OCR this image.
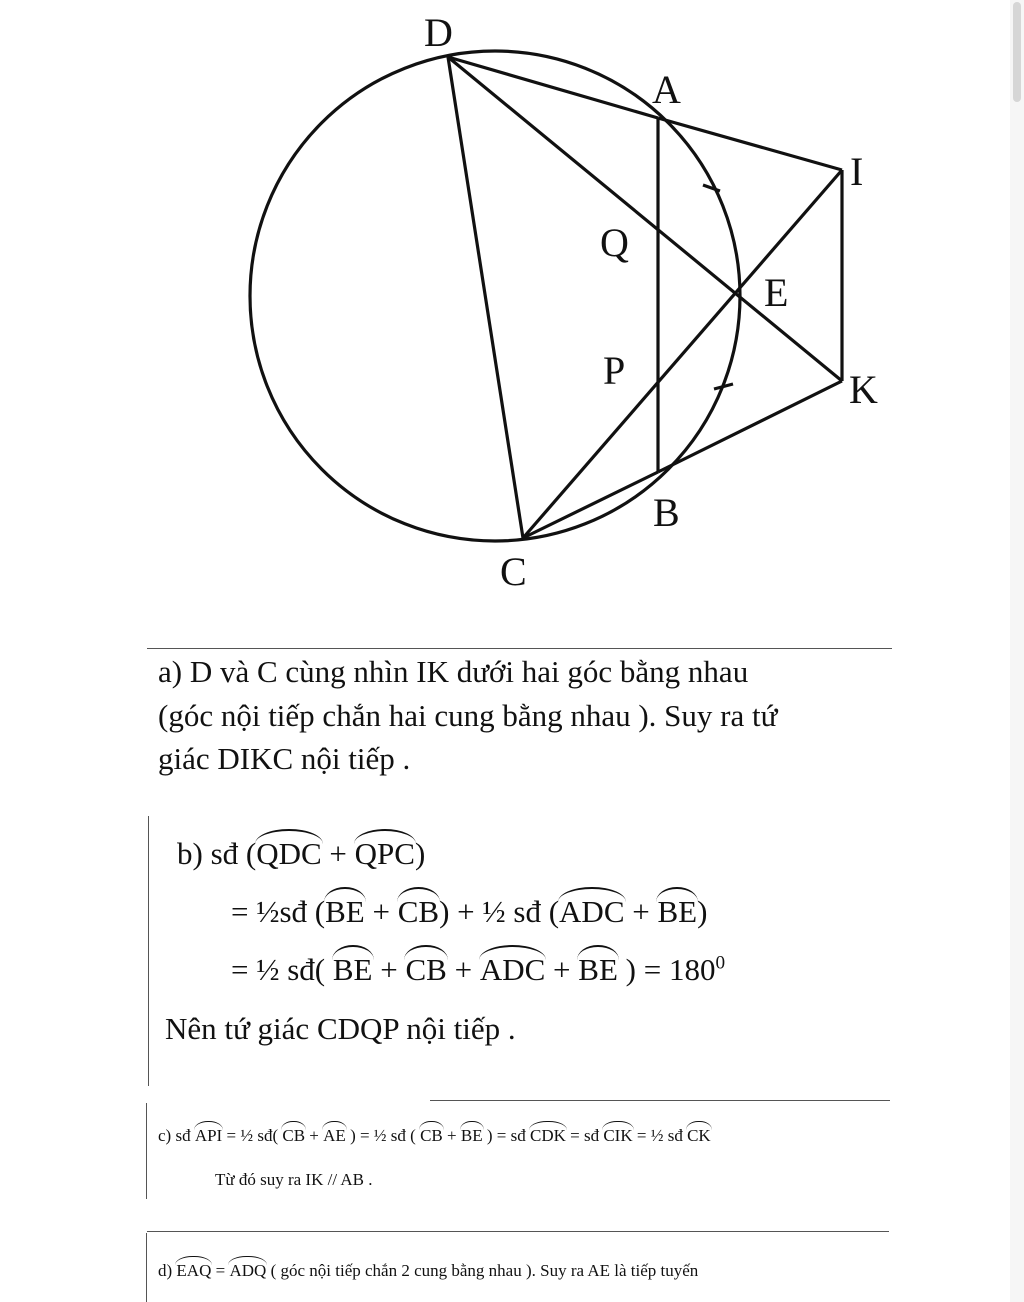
D
A
I
Q
E
P	K
B
C
a) D và C cùng nhìn IK dưới hai góc bằng nhau
(góc nội tiếp chắn hai cung bằng nhau ). Suy ra tứ
giác DIKC nội tiếp .
b) sđ (QDC + QPC)
= ½sđ (BE + CB) + ½ sđ (ADC + BE)
= ½ sđ( BE + CB + ADC + BE ) = $180^0$
Nên tứ giác CDQP nội tiếp .
c) sđ API = ½ sđ( CB + AE ) = ½ sđ ( CB + BE ) = sđ CDK = sđ CIK = ½ sđ CK
Từ đó suy ra IK // AB .
d) EAQ = ADQ ( góc nội tiếp chắn 2 cung bằng nhau ). Suy ra AE là tiếp tuyến
